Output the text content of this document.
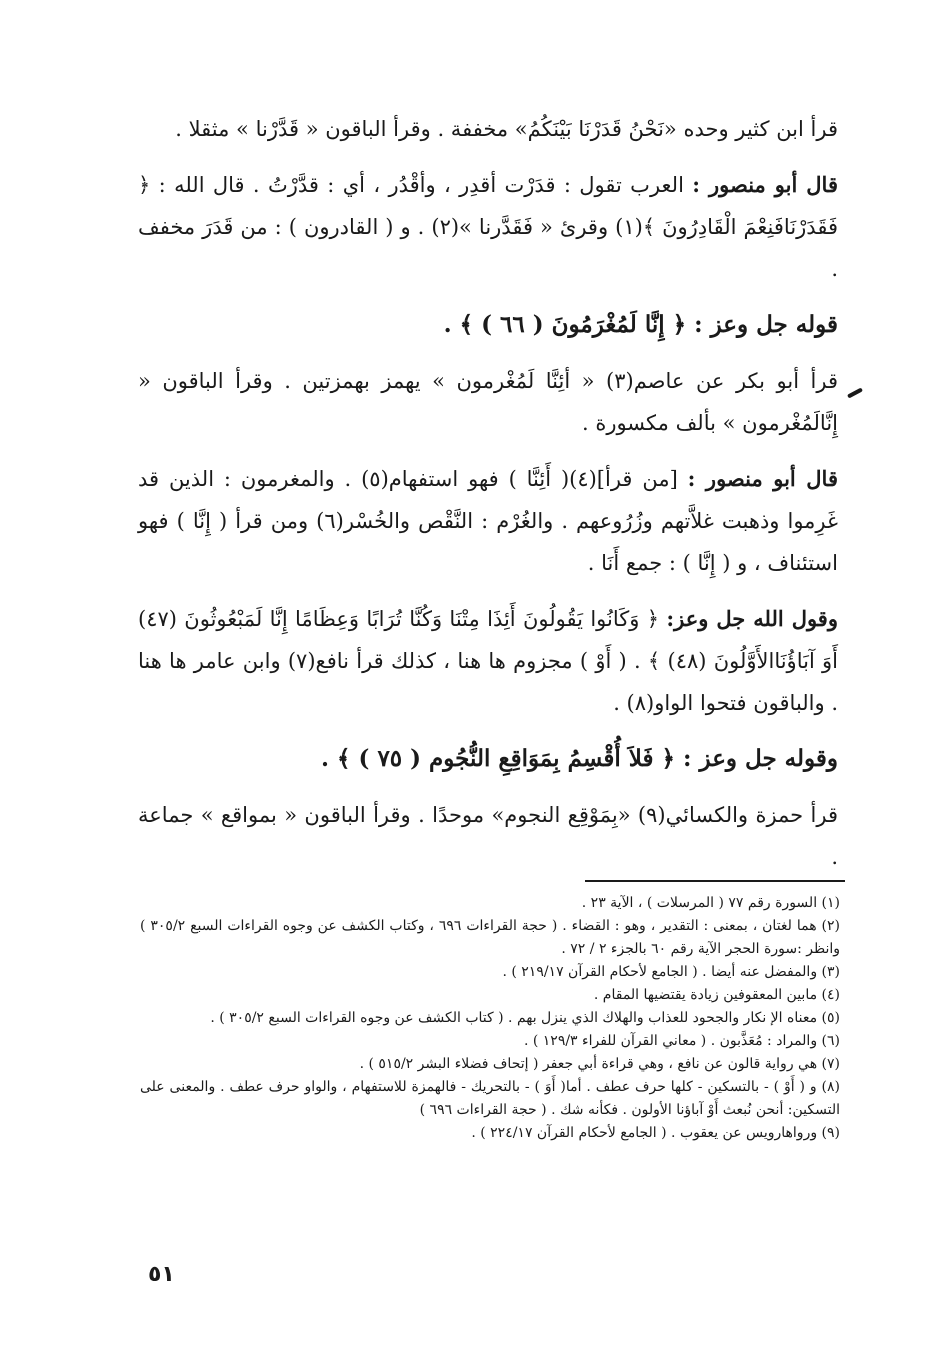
قرأ ابن كثير وحده «نَحْنُ قَدَرْنَا بَيْنَكُمُ» مخففة . وقرأ الباقون « قَدَّرْنا » مثقلا .

قال أبو منصور : العرب تقول : قدَرْت أقدِر ، وأقْدُر ، أي : قدَّرْتُ . قال الله : ﴿ فَقَدَرْنَافَنِعْمَ الْقَادِرُونَ ﴾(١) وقرئ « فَقَدَّرنا »(٢) . و ( القادرون ) : من قَدَرَ مخفف .

قوله جل وعز : ﴿ إِنَّا لَمُغْرَمُونَ ( ٦٦ ) ﴾ .

قرأ أبو بكر عن عاصم(٣) « أئِنَّا لَمُغْرمون » يهمز بهمزتين . وقرأ الباقون « إِنَّالَمُغْرمون » بألف مكسورة .

قال أبو منصور : [من قرأ](٤)( أَئِنَّا ) فهو استفهام(٥) . والمغرمون : الذين قد غَرِموا وذهبت غلاَّتهم وزُرُوعهم . والغُرْم : النَّقْص والخُسْر(٦) ومن قرأ ( إِنَّا ) فهو استئناف ، و ( إِنَّا ) : جمع أَنَا .

وقول الله جل وعز: ﴿ وَكَانُوا يَقُولُونَ أَئِذَا مِتْنَا وَكُنَّا تُرَابًا وَعِظَامًا إِنَّا لَمَبْعُوثُونَ (٤٧) أَوَ آبَاؤُنَاالأَوَّلُونَ (٤٨) ﴾ . ( أَوْ ) مجزوم ها هنا ، كذلك قرأ نافع(٧) وابن عامر ها هنا . والباقون فتحوا الواو(٨) .

وقوله جل وعز : ﴿ فَلاَ أُقْسِمُ بِمَوَاقِعِ النُّجُوم ( ٧٥ ) ﴾ .

قرأ حمزة والكسائي(٩) «بِمَوْقِع النجوم» موحدًا . وقرأ الباقون « بمواقع » جماعة .

(١) السورة رقم ٧٧ ( المرسلات ) ، الآية ٢٣ .

(٢) هما لغتان ، بمعنى : التقدير ، وهو : القضاء . ( حجة القراءات ٦٩٦ ، وكتاب الكشف عن وجوه القراءات السبع ٣٠٥/٢ ) وانظر :سورة الحجر الآية رقم ٦٠ بالجزء ٢ / ٧٢ .

(٣) والمفضل عنه أيضا . ( الجامع لأحكام القرآن ٢١٩/١٧ ) .

(٤) مابين المعقوفين زيادة يقتضيها المقام .

(٥) معناه الإ نكار والجحود للعذاب والهلاك الذي ينزل بهم . ( كتاب الكشف عن وجوه القراءات السبع ٣٠٥/٢ ) .

(٦) والمراد : مُعَذَّبون . ( معاني القرآن للفراء ١٢٩/٣ ) .

(٧) هي رواية قالون عن نافع ، وهي قراءة أبي جعفر ( إتحاف فضلاء البشر ٥١٥/٢ ) .

(٨) و ( أَوْ ) - بالتسكين - كلها حرف عطف . أما( أَوَ ) - بالتحريك - فالهمزة للاستفهام ، والواو حرف عطف . والمعنى على التسكين: أنحن نُبعث أَوْ آباؤنا الأولون . فكأنه شك . ( حجة القراءات ٦٩٦ )

(٩) ورواهارويس عن يعقوب . ( الجامع لأحكام القرآن ٢٢٤/١٧ ) .

٥١
